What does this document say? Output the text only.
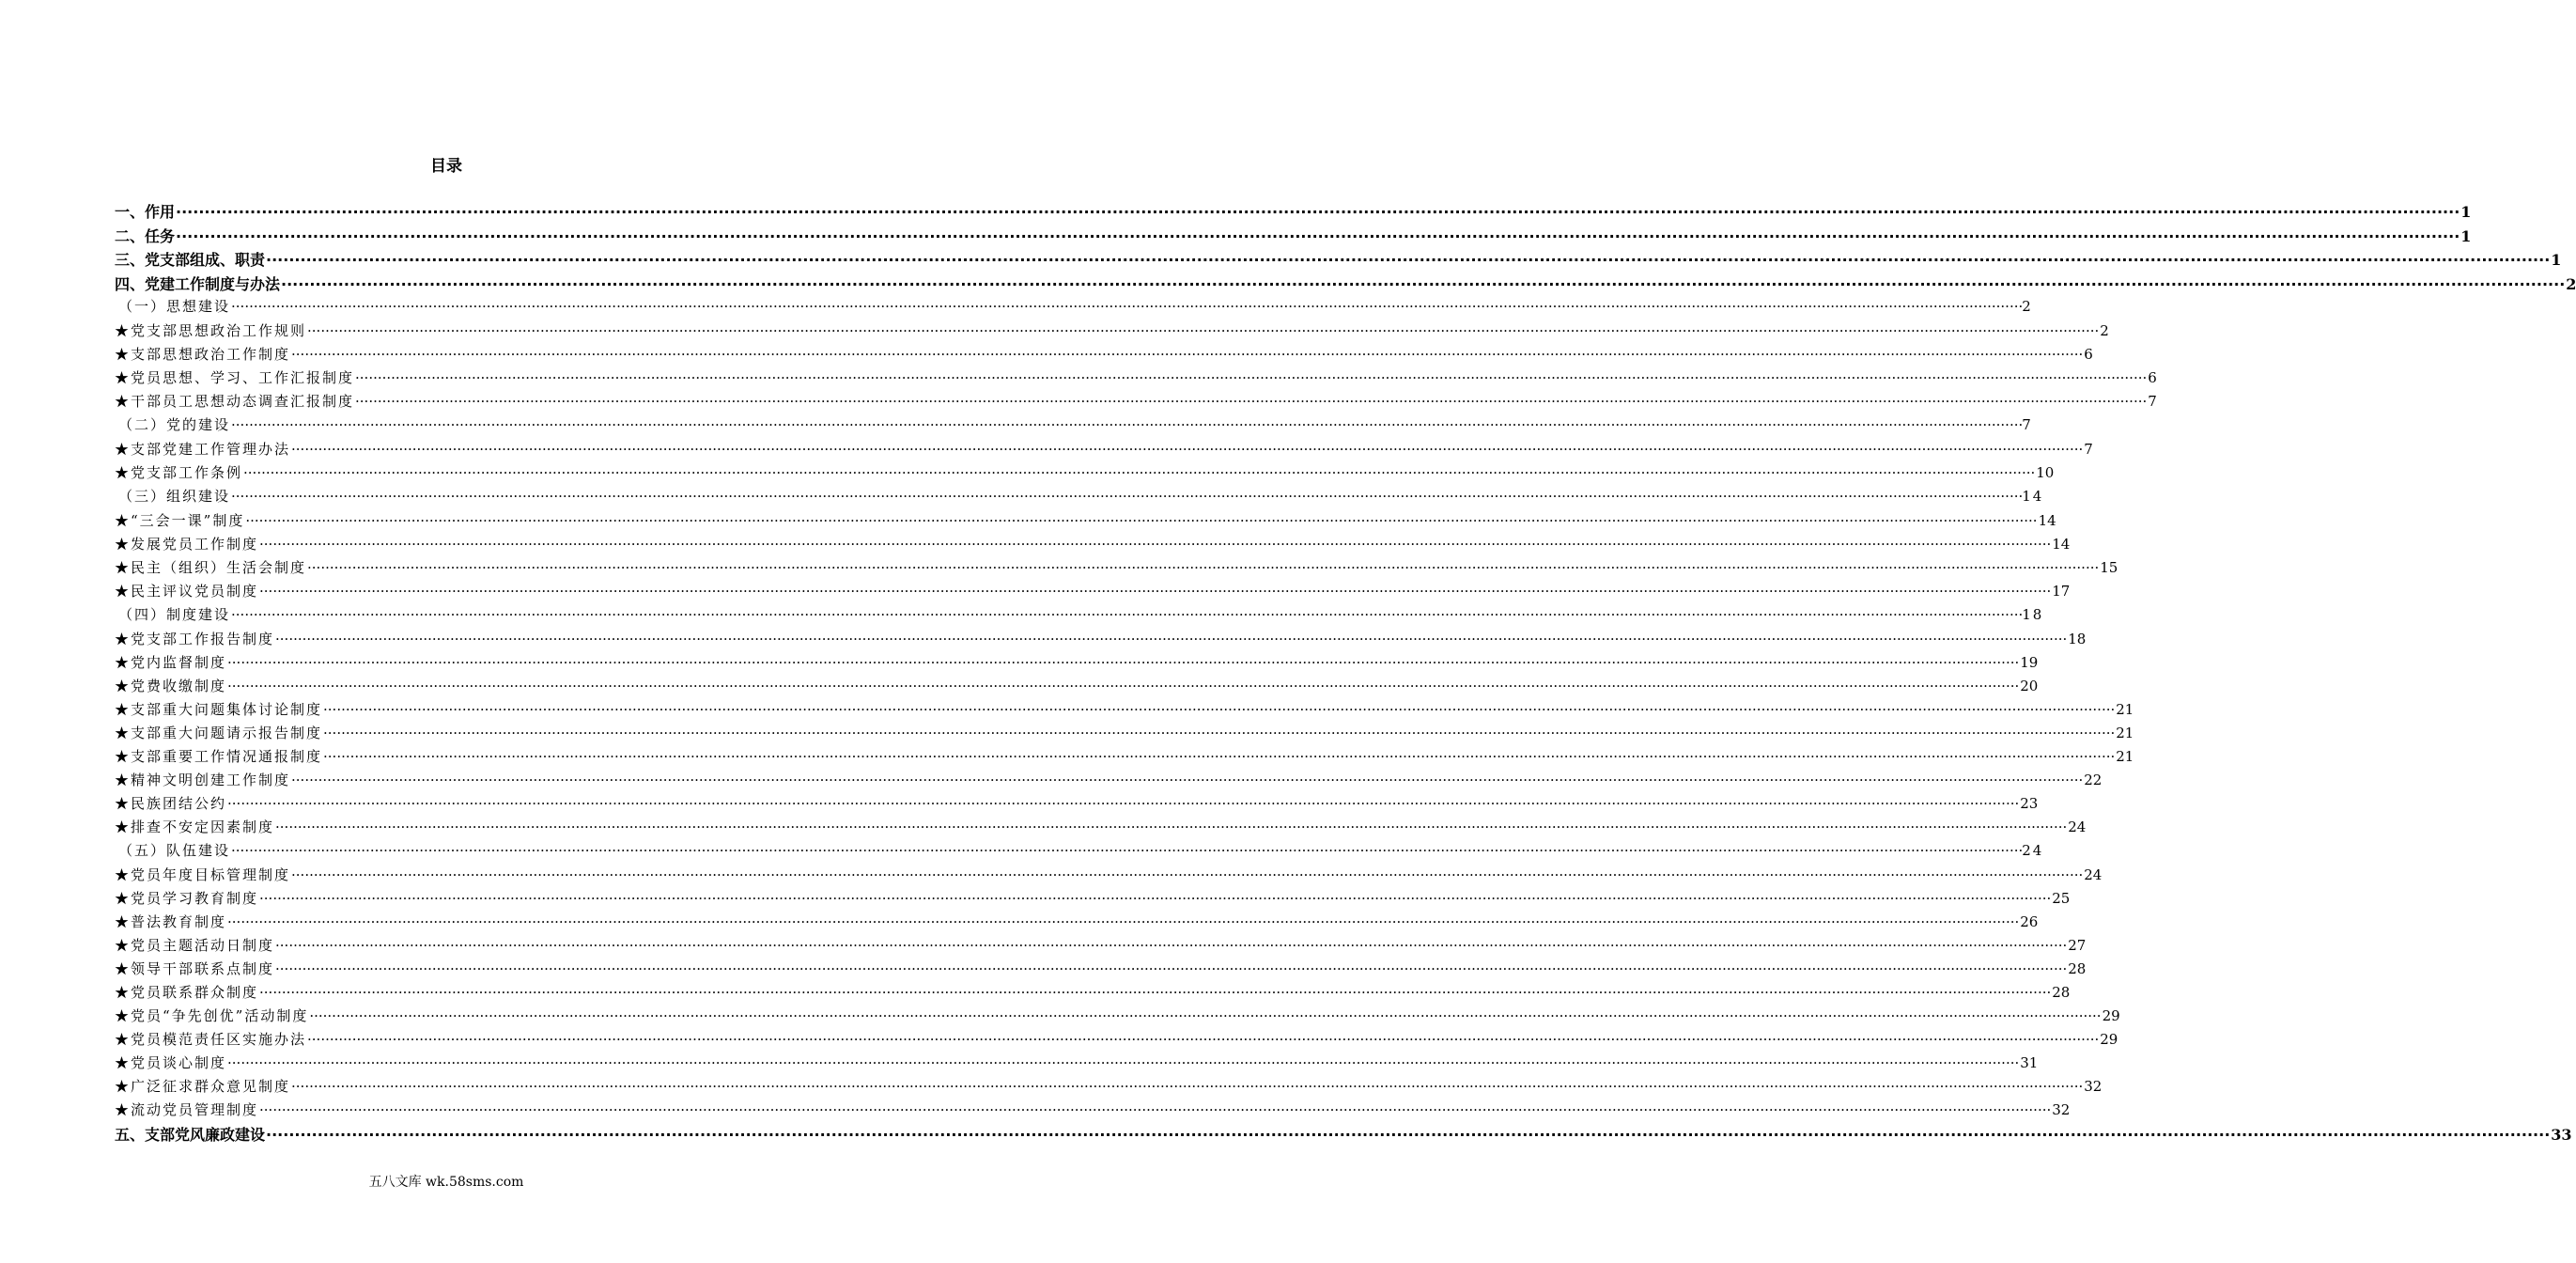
目录
一、作用 ················································································································································································································································································································································································································ 1
二、任务 ················································································································································································································································································································································································································ 1
三、党支部组成、职责 ················································································································································································································································································································································································································ 1
四、党建工作制度与办法 ················································································································································································································································································································································································································ 2
（一）思想建设 ················································································································································································································································································································································································································ 2
★党支部思想政治工作规则 ················································································································································································································································································································································································································ 2
★支部思想政治工作制度 ················································································································································································································································································································································································································ 6
★党员思想、学习、工作汇报制度 ················································································································································································································································································································································································································ 6
★干部员工思想动态调查汇报制度 ················································································································································································································································································································································································································ 7
（二）党的建设 ················································································································································································································································································································································································································ 7
★支部党建工作管理办法 ················································································································································································································································································································································································································ 7
★党支部工作条例 ················································································································································································································································································································································································································ 10
（三）组织建设 ················································································································································································································································································································································································································ 14
★“三会一课”制度 ················································································································································································································································································································································································································ 14
★发展党员工作制度 ················································································································································································································································································································································································································ 14
★民主（组织）生活会制度 ················································································································································································································································································································································································································ 15
★民主评议党员制度 ················································································································································································································································································································································································································ 17
（四）制度建设 ················································································································································································································································································································································································································ 18
★党支部工作报告制度 ················································································································································································································································································································································································································ 18
★党内监督制度 ················································································································································································································································································································································································································ 19
★党费收缴制度 ················································································································································································································································································································································································································ 20
★支部重大问题集体讨论制度 ················································································································································································································································································································································································································ 21
★支部重大问题请示报告制度 ················································································································································································································································································································································································································ 21
★支部重要工作情况通报制度 ················································································································································································································································································································································································································ 21
★精神文明创建工作制度 ················································································································································································································································································································································································································ 22
★民族团结公约 ················································································································································································································································································································································································································ 23
★排查不安定因素制度 ················································································································································································································································································································································································································ 24
（五）队伍建设 ················································································································································································································································································································································································································ 24
★党员年度目标管理制度 ················································································································································································································································································································································································································ 24
★党员学习教育制度 ················································································································································································································································································································································································································ 25
★普法教育制度 ················································································································································································································································································································································································································ 26
★党员主题活动日制度 ················································································································································································································································································································································································································ 27
★领导干部联系点制度 ················································································································································································································································································································································································································ 28
★党员联系群众制度 ················································································································································································································································································································································································································ 28
★党员“争先创优”活动制度 ················································································································································································································································································································································································································ 29
★党员模范责任区实施办法 ················································································································································································································································································································································································································ 29
★党员谈心制度 ················································································································································································································································································································································································································ 31
★广泛征求群众意见制度 ················································································································································································································································································································································································································ 32
★流动党员管理制度 ················································································································································································································································································································································································································ 32
五、支部党风廉政建设 ················································································································································································································································································································································································································ 33
五八文库 wk.58sms.com
